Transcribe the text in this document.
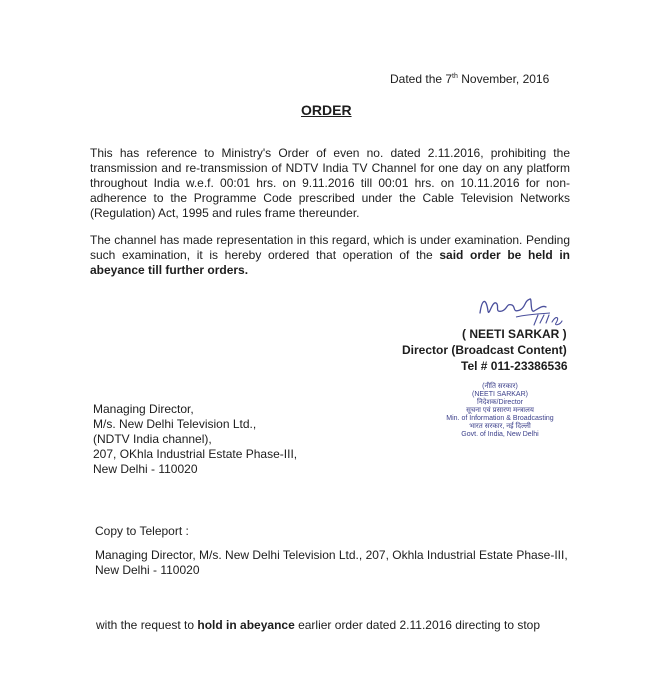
Dated the 7th November, 2016
ORDER
This has reference to Ministry's Order of even no. dated 2.11.2016, prohibiting the transmission and re-transmission of NDTV India TV Channel for one day on any platform throughout India w.e.f. 00:01 hrs. on 9.11.2016 till 00:01 hrs. on 10.11.2016 for non-adherence to the Programme Code prescribed under the Cable Television Networks (Regulation) Act, 1995 and rules frame thereunder.
The channel has made representation in this regard, which is under examination. Pending such examination, it is hereby ordered that operation of the said order be held in abeyance till further orders.
( NEETI SARKAR )
Director (Broadcast Content)
Tel # 011-23386536
(नीति सरकार)
(NEETI SARKAR)
निदेशक/Director
सूचना एवं प्रसारण मन्त्रालय
Min. of Information & Broadcasting
भारत सरकार, नई दिल्ली
Govt. of India, New Delhi
Managing Director,
M/s. New Delhi Television Ltd.,
(NDTV India channel),
207, OKhla Industrial Estate Phase-III,
New Delhi - 110020
Copy to Teleport :
Managing Director, M/s. New Delhi Television Ltd., 207, Okhla Industrial Estate Phase-III, New Delhi - 110020
with the request to hold in abeyance earlier order dated 2.11.2016 directing to stop
